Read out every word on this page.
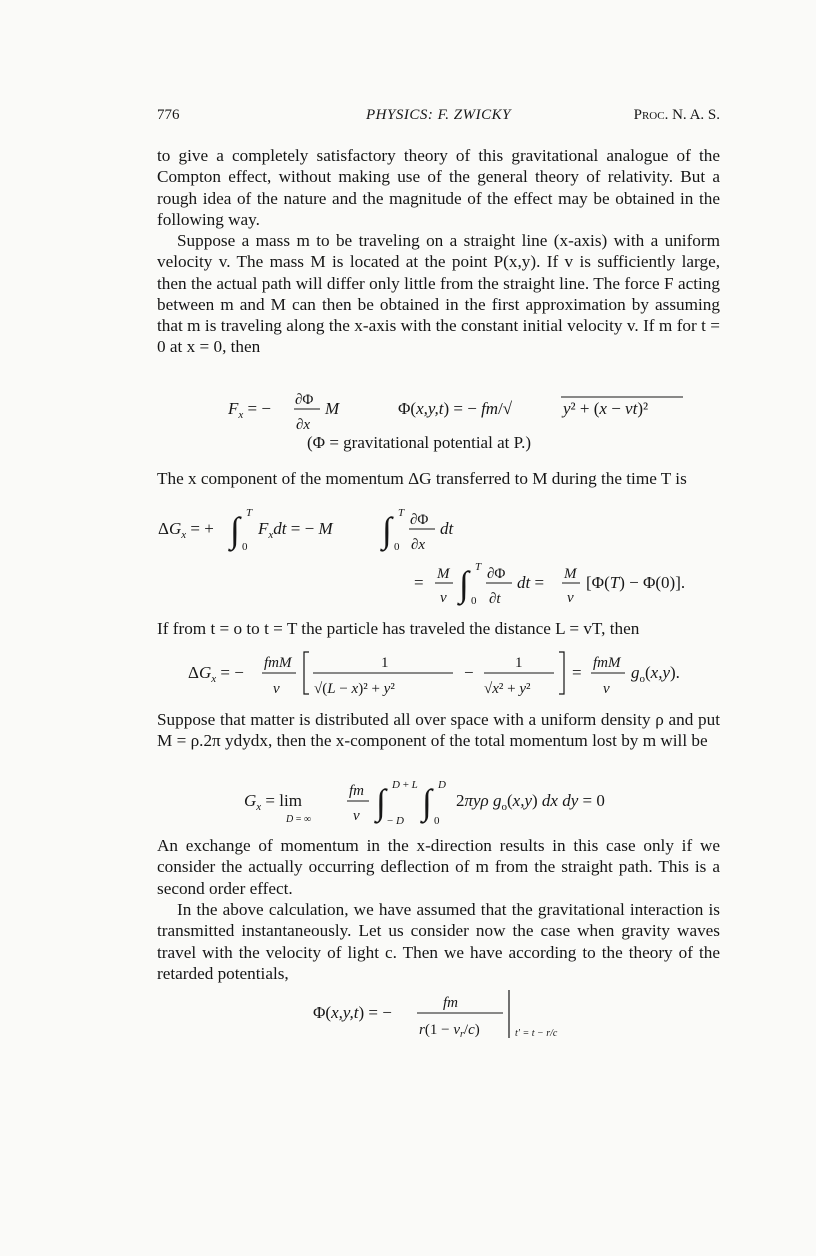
776	PHYSICS: F. ZWICKY	Proc. N. A. S.

to give a completely satisfactory theory of this gravitational analogue of the Compton effect, without making use of the general theory of relativity. But a rough idea of the nature and the magnitude of the effect may be obtained in the following way.

Suppose a mass m to be traveling on a straight line (x-axis) with a uniform velocity v. The mass M is located at the point P(x,y). If v is sufficiently large, then the actual path will differ only little from the straight line. The force F acting between m and M can then be obtained in the first approximation by assuming that m is traveling along the x-axis with the constant initial velocity v. If m for t = 0 at x = 0, then

$F_x$ = − ∂Φ
∂x
M	Φ(x,y,t) = − fm/√	y² + (x − vt)²
(Φ = gravitational potential at P.)

The x component of the momentum ΔG transferred to M during the time T is

$\Delta G_x$ = + ∫ T
0
$F_xdt$ = − M ∫ T
0
∂Φ
∂x
dt
= M
v ∫ T
0
∂Φ
∂t
dt = M
v
[Φ(T) − Φ(0)].

If from t = o to t = T the particle has traveled the distance L = vT, then

$\Delta G_x$ = − fmM
v
1
√(L − x)² + y²
−	1
√x² + y²
= fmM
v
$g_o(x,y)$.

Suppose that matter is distributed all over space with a uniform density ρ and put M = ρ.2π ydydx, then the x-component of the total momentum lost by m will be

$G_x = \lim$
D = ∞
fm
v ∫ D + L
− D ∫ D
0
2πyρ $g_o(x,y)$ dx dy = 0

An exchange of momentum in the x-direction results in this case only if we consider the actually occurring deflection of m from the straight path. This is a second order effect.

In the above calculation, we have assumed that the gravitational interaction is transmitted instantaneously. Let us consider now the case when gravity waves travel with the velocity of light c. Then we have according to the theory of the retarded potentials,

Φ(x,y,t) = −	fm
$r(1 - v_r/c)$	t′ = t − r/c
